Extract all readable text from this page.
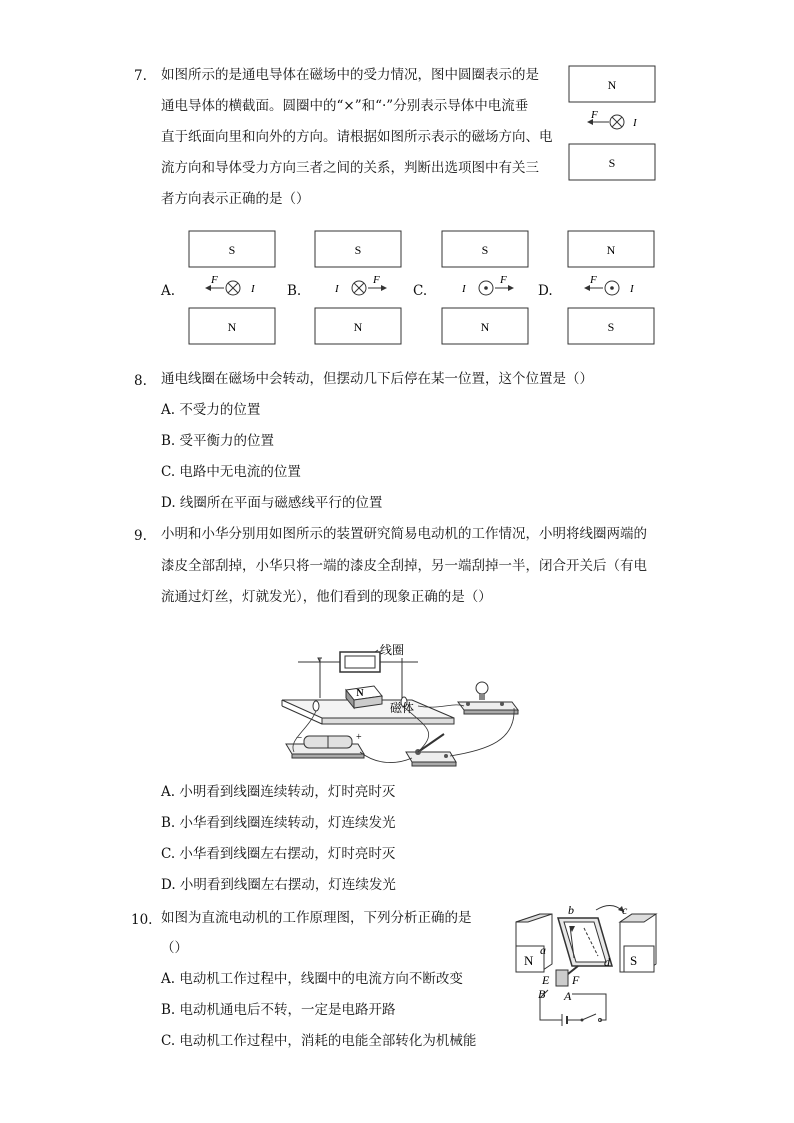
7. 如图所示的是通电导体在磁场中的受力情况，图中圆圈表示的是
通电导体的横截面。圆圈中的“×”和“·”分别表示导体中电流垂
直于纸面向里和向外的方向。请根据如图所示表示的磁场方向、电
流方向和导体受力方向三者之间的关系，判断出选项图中有关三
者方向表示正确的是（）
N
F
I
S
A.
S
N
F
I B.
S
N
I
F
C.
S
N
I
F
D.
N
S
F
I
8. 通电线圈在磁场中会转动，但摆动几下后停在某一位置，这个位置是（）
A. 不受力的位置
B. 受平衡力的位置
C. 电路中无电流的位置
D. 线圈所在平面与磁感线平行的位置
9. 小明和小华分别用如图所示的装置研究简易电动机的工作情况，小明将线圈两端的
漆皮全部刮掉，小华只将一端的漆皮全刮掉，另一端刮掉一半，闭合开关后（有电
流通过灯丝，灯就发光），他们看到的现象正确的是（）
线圈
N
磁体
−	+
A. 小明看到线圈连续转动，灯时亮时灭
B. 小华看到线圈连续转动，灯连续发光
C. 小华看到线圈左右摆动，灯时亮时灭
D. 小明看到线圈左右摆动，灯连续发光
10. 如图为直流电动机的工作原理图，下列分析正确的是
（）
A. 电动机工作过程中，线圈中的电流方向不断改变
B. 电动机通电后不转，一定是电路开路
C. 电动机工作过程中，消耗的电能全部转化为机械能
N	S
b	c
a
d
E F
B A
